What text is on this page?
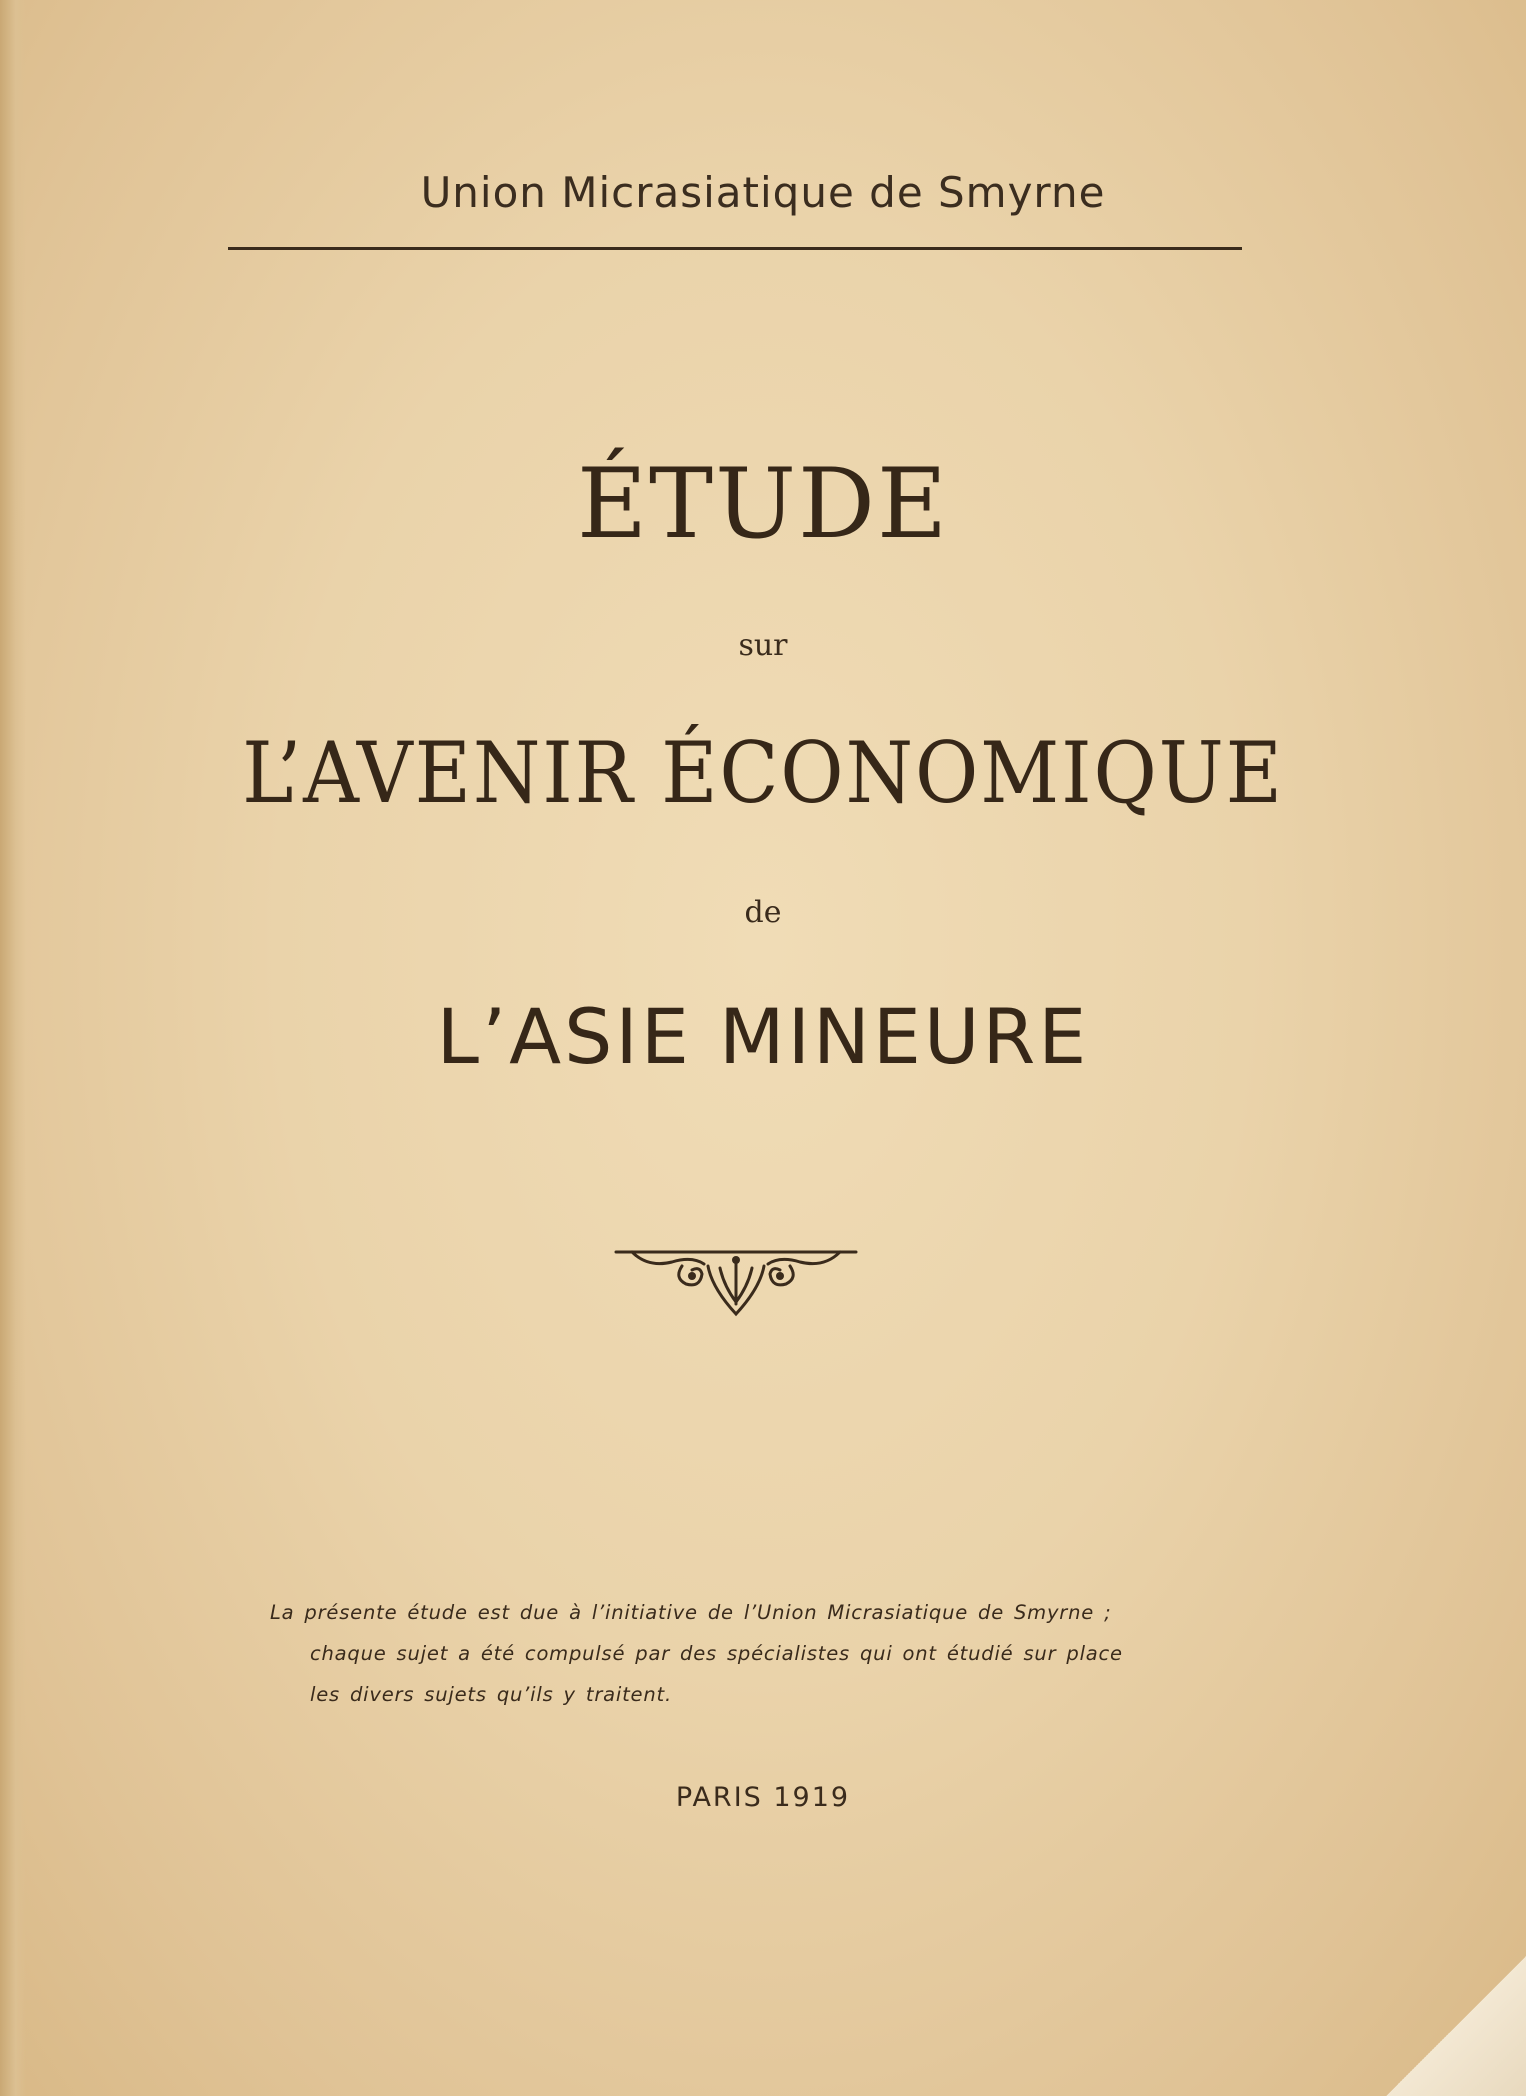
Union Micrasiatique de Smyrne
ÉTUDE
sur
L’AVENIR ÉCONOMIQUE
de
L’ASIE MINEURE
La présente étude est due à l’initiative de l’Union Micrasiatique de Smyrne ;
chaque sujet a été compulsé par des spécialistes qui ont étudié sur place
les divers sujets qu’ils y traitent.
PARIS 1919
